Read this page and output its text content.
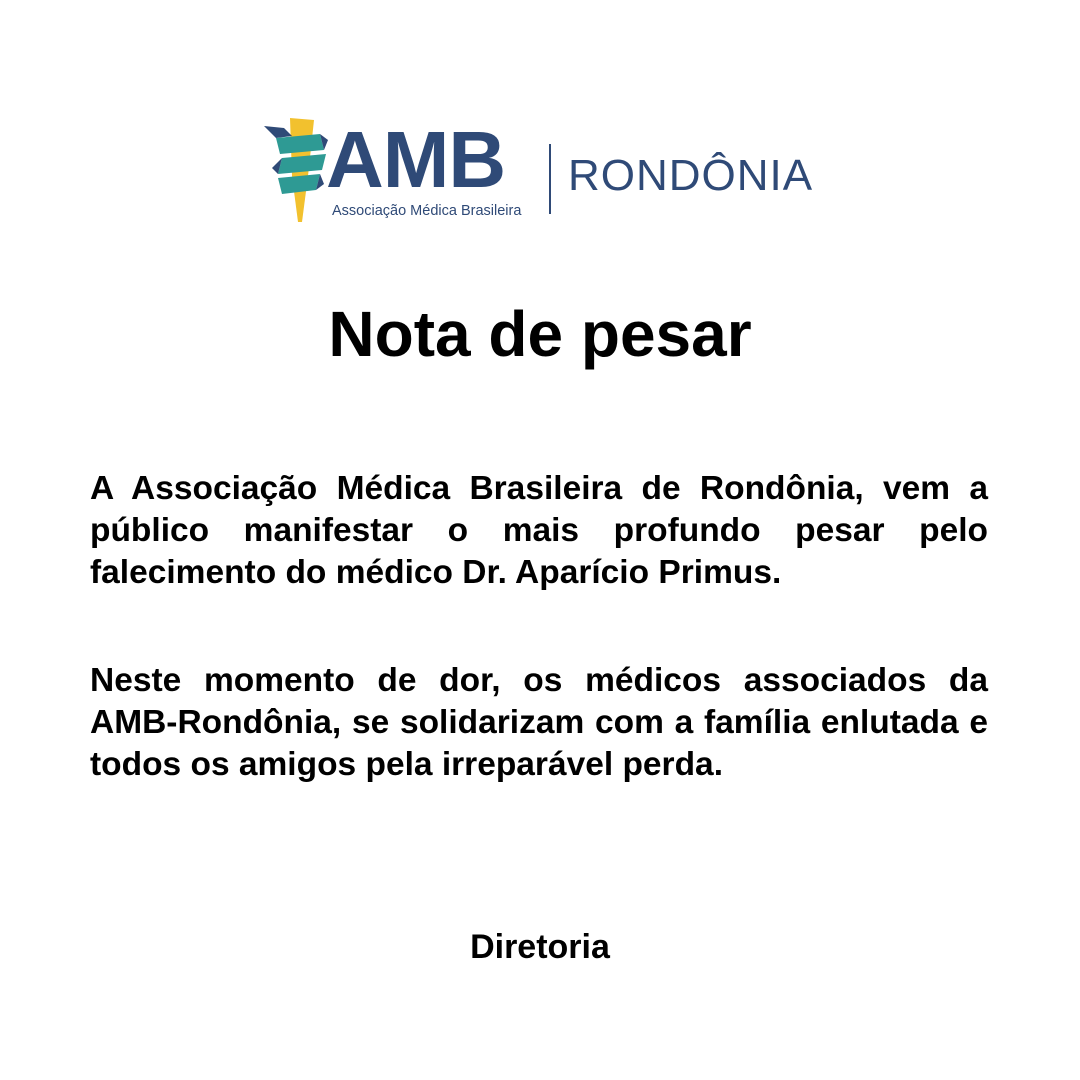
AMB
Associação Médica Brasileira
RONDÔNIA
Nota de pesar

A Associação Médica Brasileira de Rondônia, vem a público manifestar o mais profundo pesar pelo falecimento do médico Dr. Aparício Primus.

Neste momento de dor, os médicos associados da AMB-Rondônia, se solidarizam com a família enlutada e todos os amigos pela irreparável perda.

Diretoria
